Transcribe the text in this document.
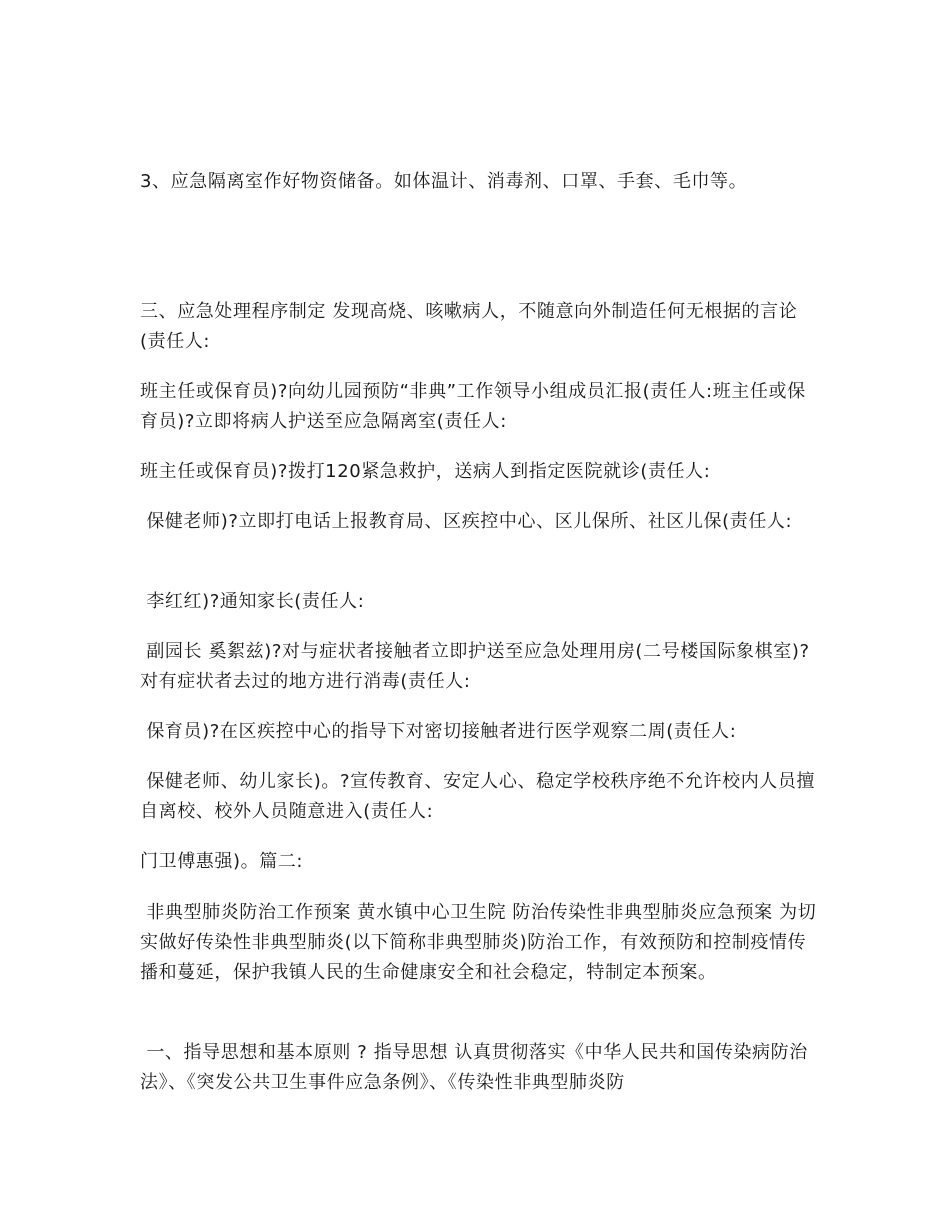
3、应急隔离室作好物资储备。如体温计、消毒剂、口罩、手套、毛巾等。

三、应急处理程序制定 发现高烧、咳嗽病人，不随意向外制造任何无根据的言论(责任人:

班主任或保育员)?向幼儿园预防“非典”工作领导小组成员汇报(责任人:班主任或保育员)?立即将病人护送至应急隔离室(责任人:

班主任或保育员)?拨打120紧急救护，送病人到指定医院就诊(责任人:

保健老师)?立即打电话上报教育局、区疾控中心、区儿保所、社区儿保(责任人:

李红红)?通知家长(责任人:

副园长 奚絮兹)?对与症状者接触者立即护送至应急处理用房(二号楼国际象棋室)?对有症状者去过的地方进行消毒(责任人:

保育员)?在区疾控中心的指导下对密切接触者进行医学观察二周(责任人:

保健老师、幼儿家长)。?宣传教育、安定人心、稳定学校秩序绝不允许校内人员擅自离校、校外人员随意进入(责任人:

门卫傅惠强)。篇二:

非典型肺炎防治工作预案 黄水镇中心卫生院 防治传染性非典型肺炎应急预案 为切实做好传染性非典型肺炎(以下简称非典型肺炎)防治工作，有效预防和控制疫情传播和蔓延，保护我镇人民的生命健康安全和社会稳定，特制定本预案。

一、指导思想和基本原则 ? 指导思想 认真贯彻落实《中华人民共和国传染病防治法》、《突发公共卫生事件应急条例》、《传染性非典型肺炎防
